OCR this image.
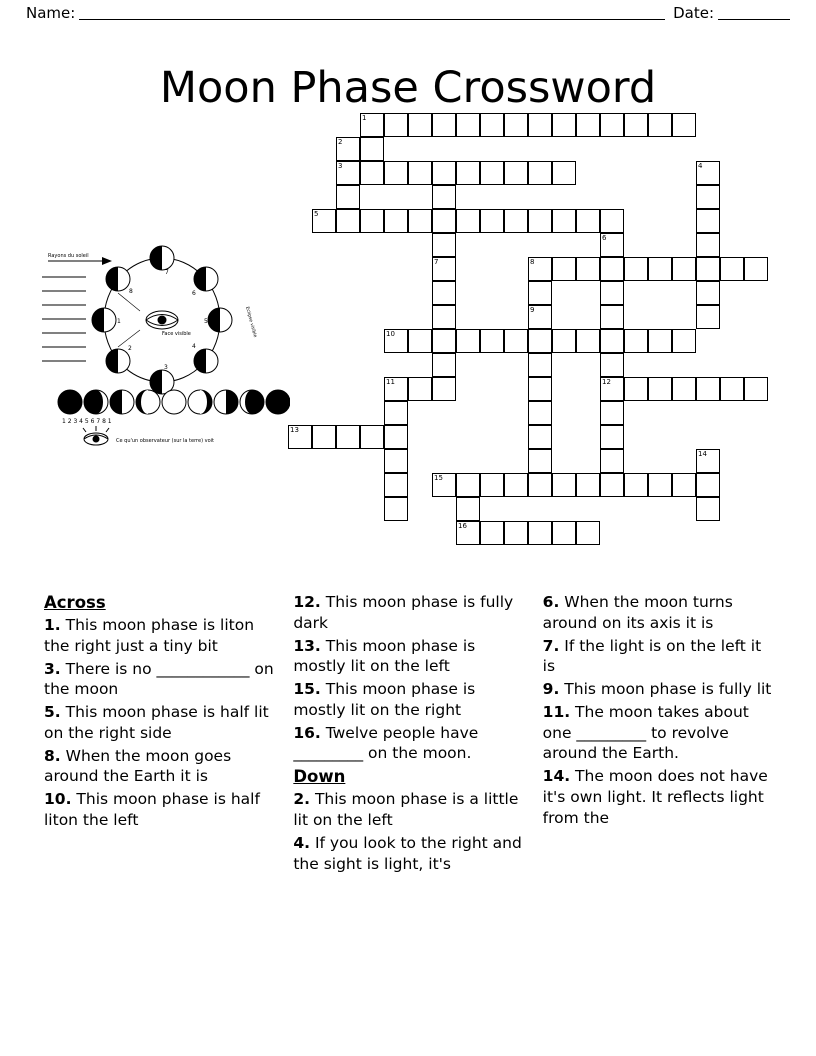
Name:	Date:
Moon Phase Crossword
Rayons du soleil
7
6
5
4
3
2
1
8
Face visible	Eclipse visible
1 2 3 4 5 6 7 8 1
Ce qu'un observateur (sur la terre) voit
1
2
3	4
5
6
7	8
9
10
11	12
13
14
15
16
Across
1. This moon phase is liton the right just a tiny bit
3. There is no ____________ on the moon
5. This moon phase is half lit on the right side
8. When the moon goes around the Earth it is
10. This moon phase is half liton the left
12. This moon phase is fully dark
13. This moon phase is mostly lit on the left
15. This moon phase is mostly lit on the right
16. Twelve people have _________ on the moon.
Down
2. This moon phase is a little lit on the left
4. If you look to the right and the sight is light, it's
6. When the moon turns around on its axis it is
7. If the light is on the left it is
9. This moon phase is fully lit
11. The moon takes about one _________ to revolve around the Earth.
14. The moon does not have it's own light. It reflects light from the
